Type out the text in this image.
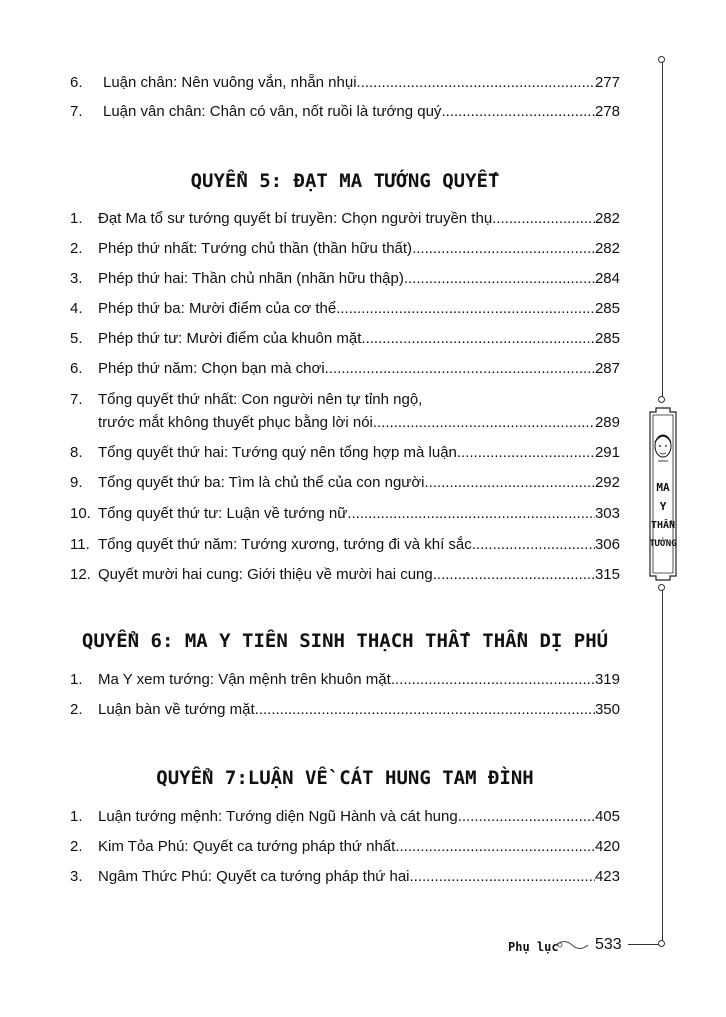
6.	Luận chân: Nên vuông vắn, nhẵn nhụi .....	277
7.	Luận vân chân: Chân có vân, nốt ruồi là tướng quý .....	278
QUYỂN 5: ĐẠT MA TƯỚNG QUYẾT
1.	Đạt Ma tổ sư tướng quyết bí truyền: Chọn người truyền thụ .....	282
2.	Phép thứ nhất: Tướng chủ thần (thần hữu thất) .....	282
3.	Phép thứ hai: Thần chủ nhãn (nhãn hữu thập) .....	284
4.	Phép thứ ba: Mười điểm của cơ thể .....	285
5.	Phép thứ tư: Mười điểm của khuôn mặt .....	285
6.	Phép thứ năm: Chọn bạn mà chơi .....	287
7.	Tổng quyết thứ nhất: Con người nên tự tỉnh ngộ,
trước mắt không thuyết phục bằng lời nói .....	289
8.	Tổng quyết thứ hai: Tướng quý nên tổng hợp mà luận .....	291
9.	Tổng quyết thứ ba: Tìm là chủ thể của con người .....	292
10. Tổng quyết thứ tư: Luận về tướng nữ .....	303
11. Tổng quyết thứ năm: Tướng xương, tướng đi và khí sắc .....	306
12. Quyết mười hai cung: Giới thiệu về mười hai cung .....	315
QUYỂN 6: MA Y TIÊN SINH THẠCH THẤT THẦN DỊ PHÚ
1.	Ma Y xem tướng: Vận mệnh trên khuôn mặt .....	319
2.	Luận bàn về tướng mặt .....	350
QUYỂN 7:LUẬN VỀ CÁT HUNG TAM ĐÌNH
1.	Luận tướng mệnh: Tướng diện Ngũ Hành và cát hung .....	405
2.	Kim Tỏa Phú: Quyết ca tướng pháp thứ nhất .....	420
3.	Ngâm Thức Phú: Quyết ca tướng pháp thứ hai .....	423
MA
Y
THẦN
TƯỚNG
Phụ lục 533
